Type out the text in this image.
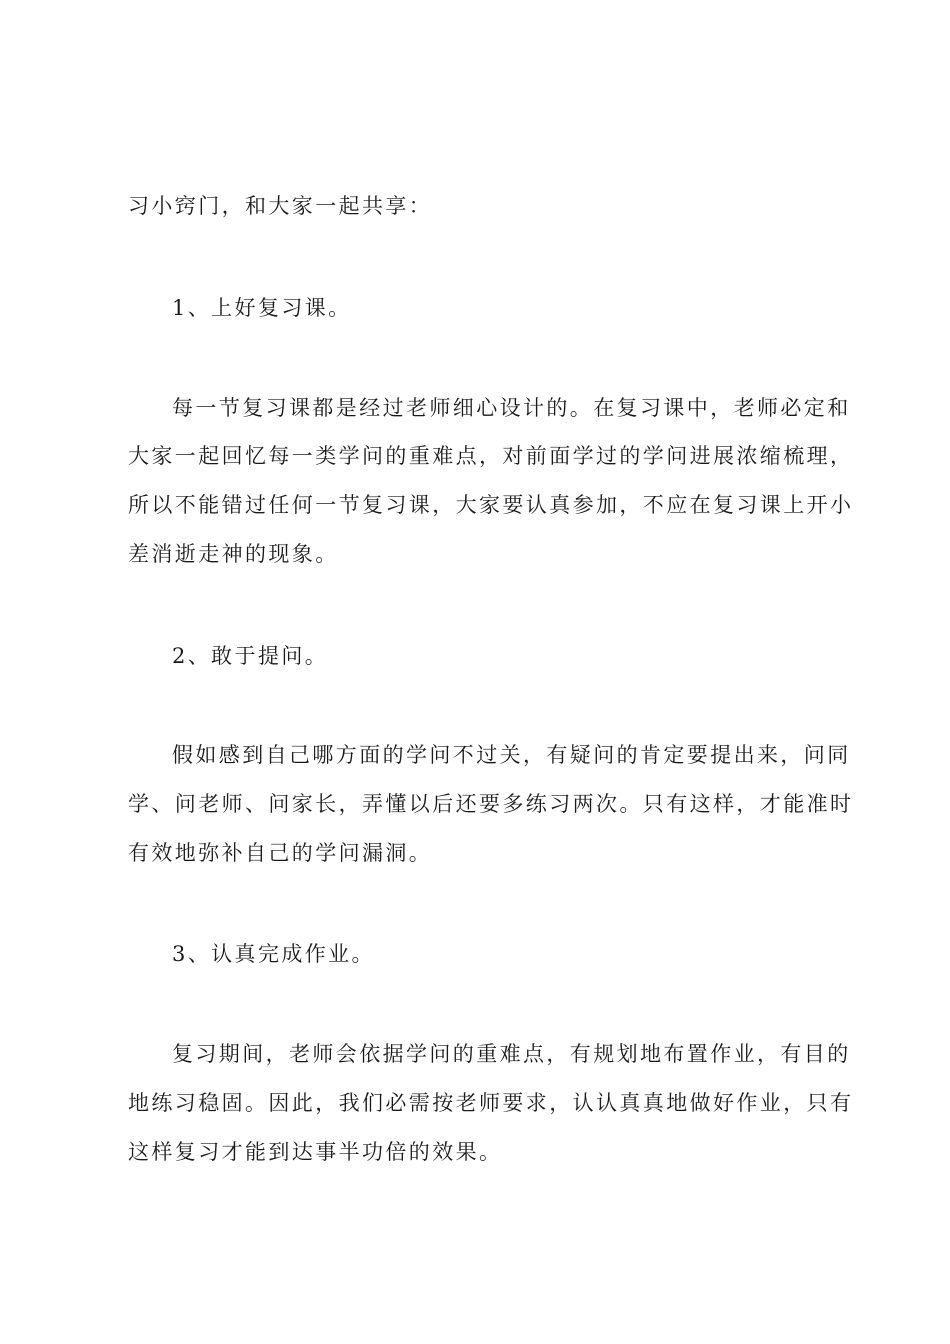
习小窍门，和大家一起共享：
1、上好复习课。
每一节复习课都是经过老师细心设计的。在复习课中，老师必定和
大家一起回忆每一类学问的重难点，对前面学过的学问进展浓缩梳理，
所以不能错过任何一节复习课，大家要认真参加，不应在复习课上开小
差消逝走神的现象。
2、敢于提问。
假如感到自己哪方面的学问不过关，有疑问的肯定要提出来，问同
学、问老师、问家长，弄懂以后还要多练习两次。只有这样，才能准时
有效地弥补自己的学问漏洞。
3、认真完成作业。
复习期间，老师会依据学问的重难点，有规划地布置作业，有目的
地练习稳固。因此，我们必需按老师要求，认认真真地做好作业，只有
这样复习才能到达事半功倍的效果。
